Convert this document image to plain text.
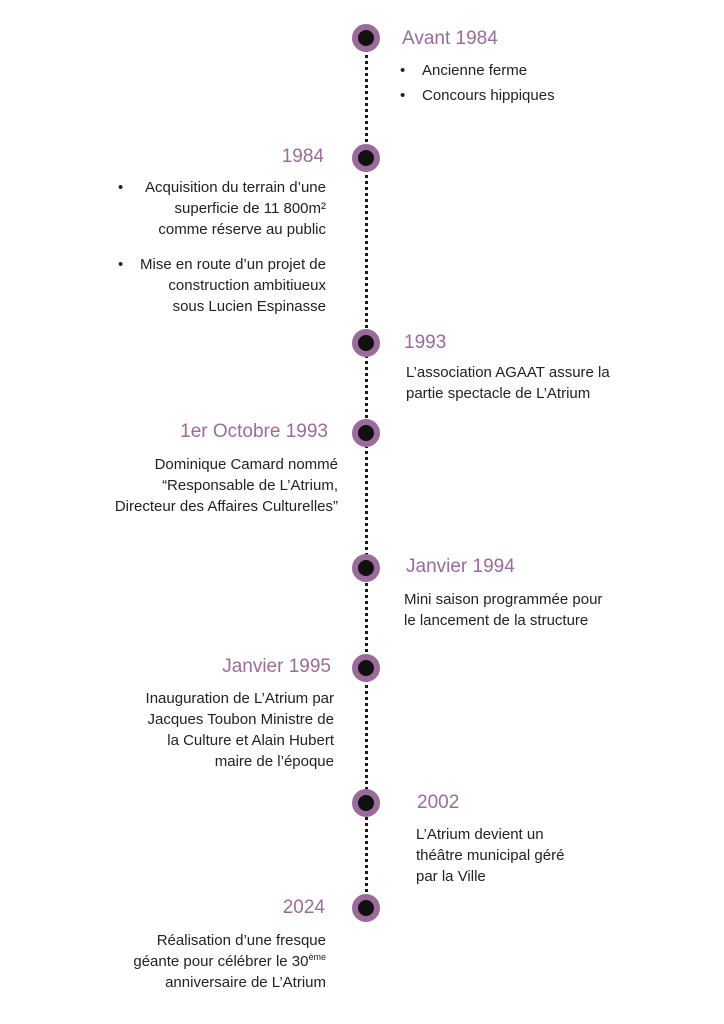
Avant 1984
• Ancienne ferme
• Concours hippiques
1984
• Acquisition du terrain d’une
superficie de 11 800m²
comme réserve au public
• Mise en route d’un projet de
construction ambitiueux
sous Lucien Espinasse
1993
L’association AGAAT assure la
partie spectacle de L’Atrium
1er Octobre 1993
Dominique Camard nommé
“Responsable de L’Atrium,
Directeur des Affaires Culturelles”
Janvier 1994
Mini saison programmée pour
le lancement de la structure
Janvier 1995
Inauguration de L’Atrium par
Jacques Toubon Ministre de
la Culture et Alain Hubert
maire de l’époque
2002
L’Atrium devient un
théâtre municipal géré
par la Ville
2024
Réalisation d’une fresque
géante pour célébrer le 30ème
anniversaire de L’Atrium
